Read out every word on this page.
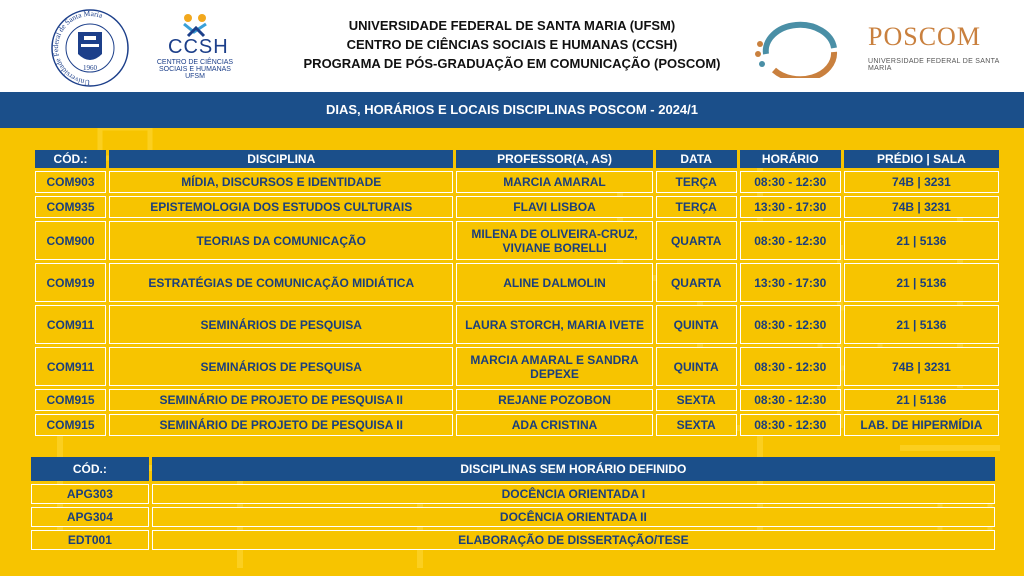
Universidade Federal de Santa Maria
1960
CCSH
CENTRO DE CIÊNCIAS
SOCIAIS E HUMANAS
UFSM
UNIVERSIDADE FEDERAL DE SANTA MARIA (UFSM)
CENTRO DE CIÊNCIAS SOCIAIS E HUMANAS (CCSH)
PROGRAMA DE PÓS-GRADUAÇÃO EM COMUNICAÇÃO (POSCOM)
POSCOM
UNIVERSIDADE FEDERAL DE SANTA MARIA
DIAS, HORÁRIOS E LOCAIS DISCIPLINAS POSCOM - 2024/1
CÓD.:	DISCIPLINA	PROFESSOR(A, AS)	DATA	HORÁRIO	PRÉDIO | SALA
COM903	MÍDIA, DISCURSOS E IDENTIDADE	MARCIA AMARAL	TERÇA	08:30 - 12:30	74B | 3231
COM935	EPISTEMOLOGIA DOS ESTUDOS CULTURAIS	FLAVI LISBOA	TERÇA	13:30 - 17:30	74B | 3231
COM900	TEORIAS DA COMUNICAÇÃO	MILENA DE OLIVEIRA-CRUZ, VIVIANE BORELLI	QUARTA	08:30 - 12:30	21 | 5136
COM919	ESTRATÉGIAS DE COMUNICAÇÃO MIDIÁTICA	ALINE DALMOLIN	QUARTA	13:30 - 17:30	21 | 5136
COM911	SEMINÁRIOS DE PESQUISA	LAURA STORCH, MARIA IVETE	QUINTA	08:30 - 12:30	21 | 5136
COM911	SEMINÁRIOS DE PESQUISA	MARCIA AMARAL E SANDRA DEPEXE	QUINTA	08:30 - 12:30	74B | 3231
COM915	SEMINÁRIO DE PROJETO DE PESQUISA II	REJANE POZOBON	SEXTA	08:30 - 12:30	21 | 5136
COM915	SEMINÁRIO DE PROJETO DE PESQUISA II	ADA CRISTINA	SEXTA	08:30 - 12:30	LAB. DE HIPERMÍDIA
CÓD.:	DISCIPLINAS SEM HORÁRIO DEFINIDO
APG303	DOCÊNCIA ORIENTADA I
APG304	DOCÊNCIA ORIENTADA II
EDT001	ELABORAÇÃO DE DISSERTAÇÃO/TESE
